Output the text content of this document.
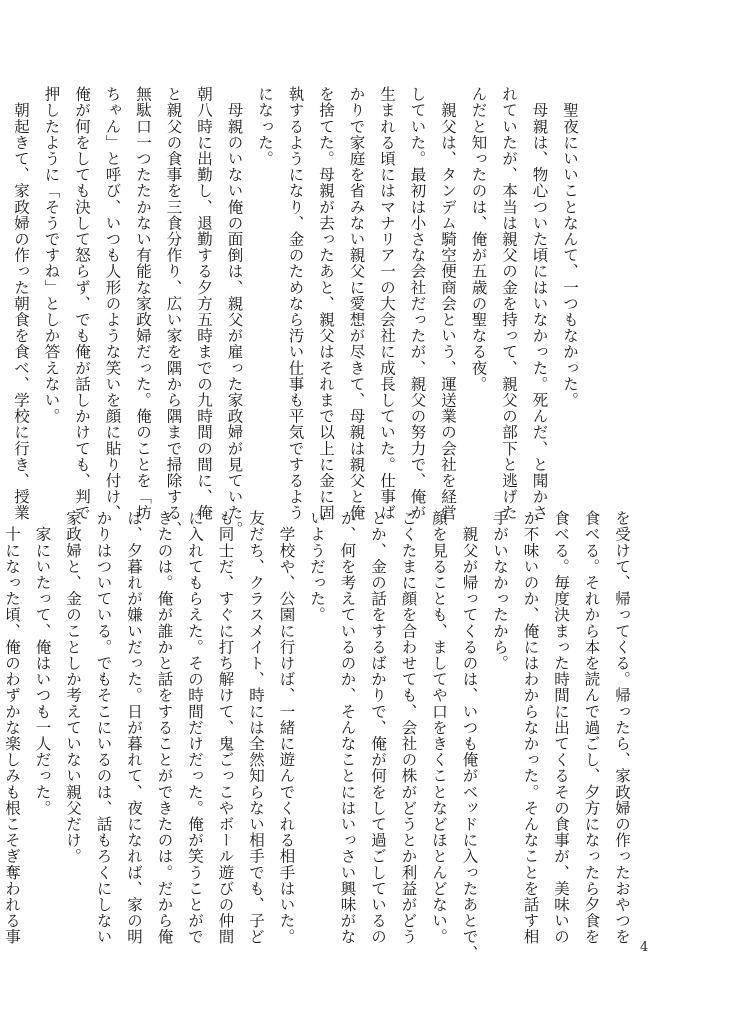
　聖夜にいいことなんて、一つもなかった。

　母親は、物心ついた頃にはいなかった。死んだ、と聞かさ

れていたが、本当は親父の金を持って、親父の部下と逃げた

んだと知ったのは、俺が五歳の聖なる夜。

　親父は、タンデム騎空便商会という、運送業の会社を経営

していた。最初は小さな会社だったが、親父の努力で、俺が

生まれる頃にはマナリア一の大会社に成長していた。仕事ば

かりで家庭を省みない親父に愛想が尽きて、母親は親父と俺

を捨てた。母親が去ったあと、親父はそれまで以上に金に固

執するようになり、金のためなら汚い仕事も平気でするよう

になった。

　母親のいない俺の面倒は、親父が雇った家政婦が見ていた。

朝八時に出勤し、退勤する夕方五時までの九時間の間に、俺

と親父の食事を三食分作り、広い家を隅から隅まで掃除する、

無駄口一つたたかない有能な家政婦だった。俺のことを「坊

ちゃん」と呼び、いつも人形のような笑いを顔に貼り付け、

俺が何をしても決して怒らず、でも俺が話しかけても、判で

押したように「そうですね」としか答えない。

　朝起きて、家政婦の作った朝食を食べ、学校に行き、授業

を受けて、帰ってくる。帰ったら、家政婦の作ったおやつを

食べる。それから本を読んで過ごし、夕方になったら夕食を

食べる。毎度決まった時間に出てくるその食事が、美味いの

か不味いのか、俺にはわからなかった。そんなことを話す相

手がいなかったから。

　親父が帰ってくるのは、いつも俺がベッドに入ったあとで、

顔を見ることも、ましてや口をきくことなどほとんどない。

ごくたまに顔を合わせても、会社の株がどうとか利益がどう

とか、金の話をするばかりで、俺が何をして過ごしているの

か、何を考えているのか、そんなことにはいっさい興味がな

いようだった。

　学校や、公園に行けば、一緒に遊んでくれる相手はいた。

友だち、クラスメイト、時には全然知らない相手でも、子ど

も同士だ、すぐに打ち解けて、鬼ごっこやボール遊びの仲間

に入れてもらえた。その時間だけだった。俺が笑うことがで

きたのは。俺が誰かと話をすることができたのは。だから俺

は、夕暮れが嫌いだった。日が暮れて、夜になれば、家の明

かりはついている。でもそこにいるのは、話もろくにしない

家政婦と、金のことしか考えていない親父だけ。

　家にいたって、俺はいつも一人だった。

　十になった頃、俺のわずかな楽しみも根こそぎ奪われる事

4
